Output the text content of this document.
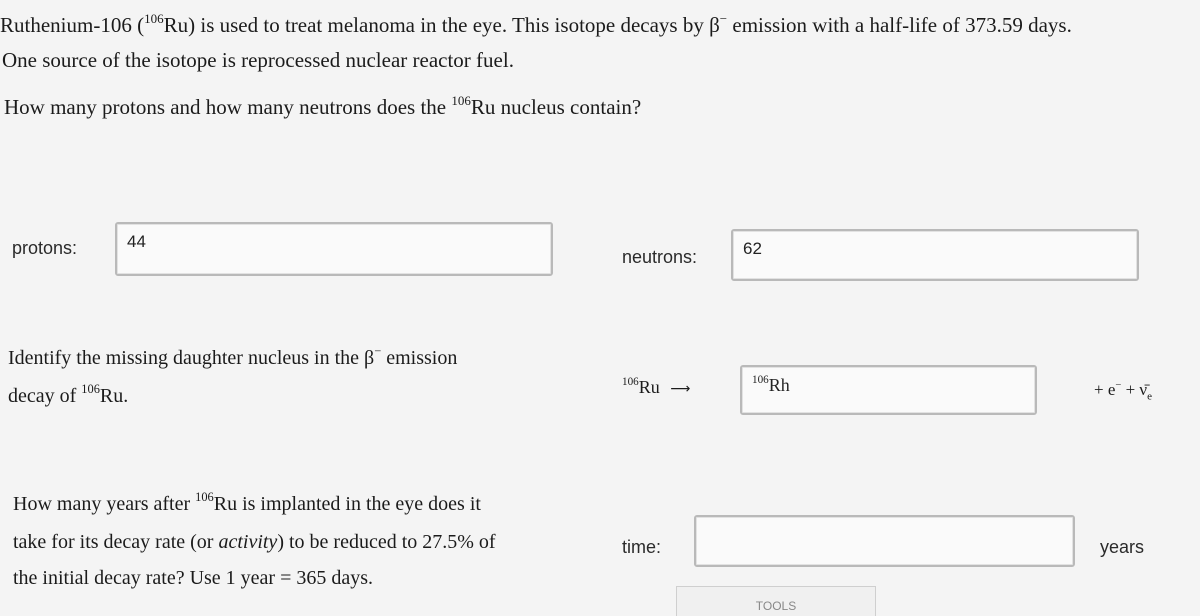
Ruthenium-106 ($^{106}$Ru) is used to treat melanoma in the eye. This isotope decays by β− emission with a half-life of 373.59 days.
One source of the isotope is reprocessed nuclear reactor fuel.
How many protons and how many neutrons does the $^{106}$Ru nucleus contain?
protons:	44
neutrons:	62
Identify the missing daughter nucleus in the β− emission
decay of $^{106}$Ru.
$^{106}$Ru ⟶
$^{106}$Rh	+ $e^- + \nū_e$
How many years after $^{106}$Ru is implanted in the eye does it
take for its decay rate (or activity) to be reduced to 27.5% of
the initial decay rate? Use 1 year = 365 days.
time:	years
TOOLS
